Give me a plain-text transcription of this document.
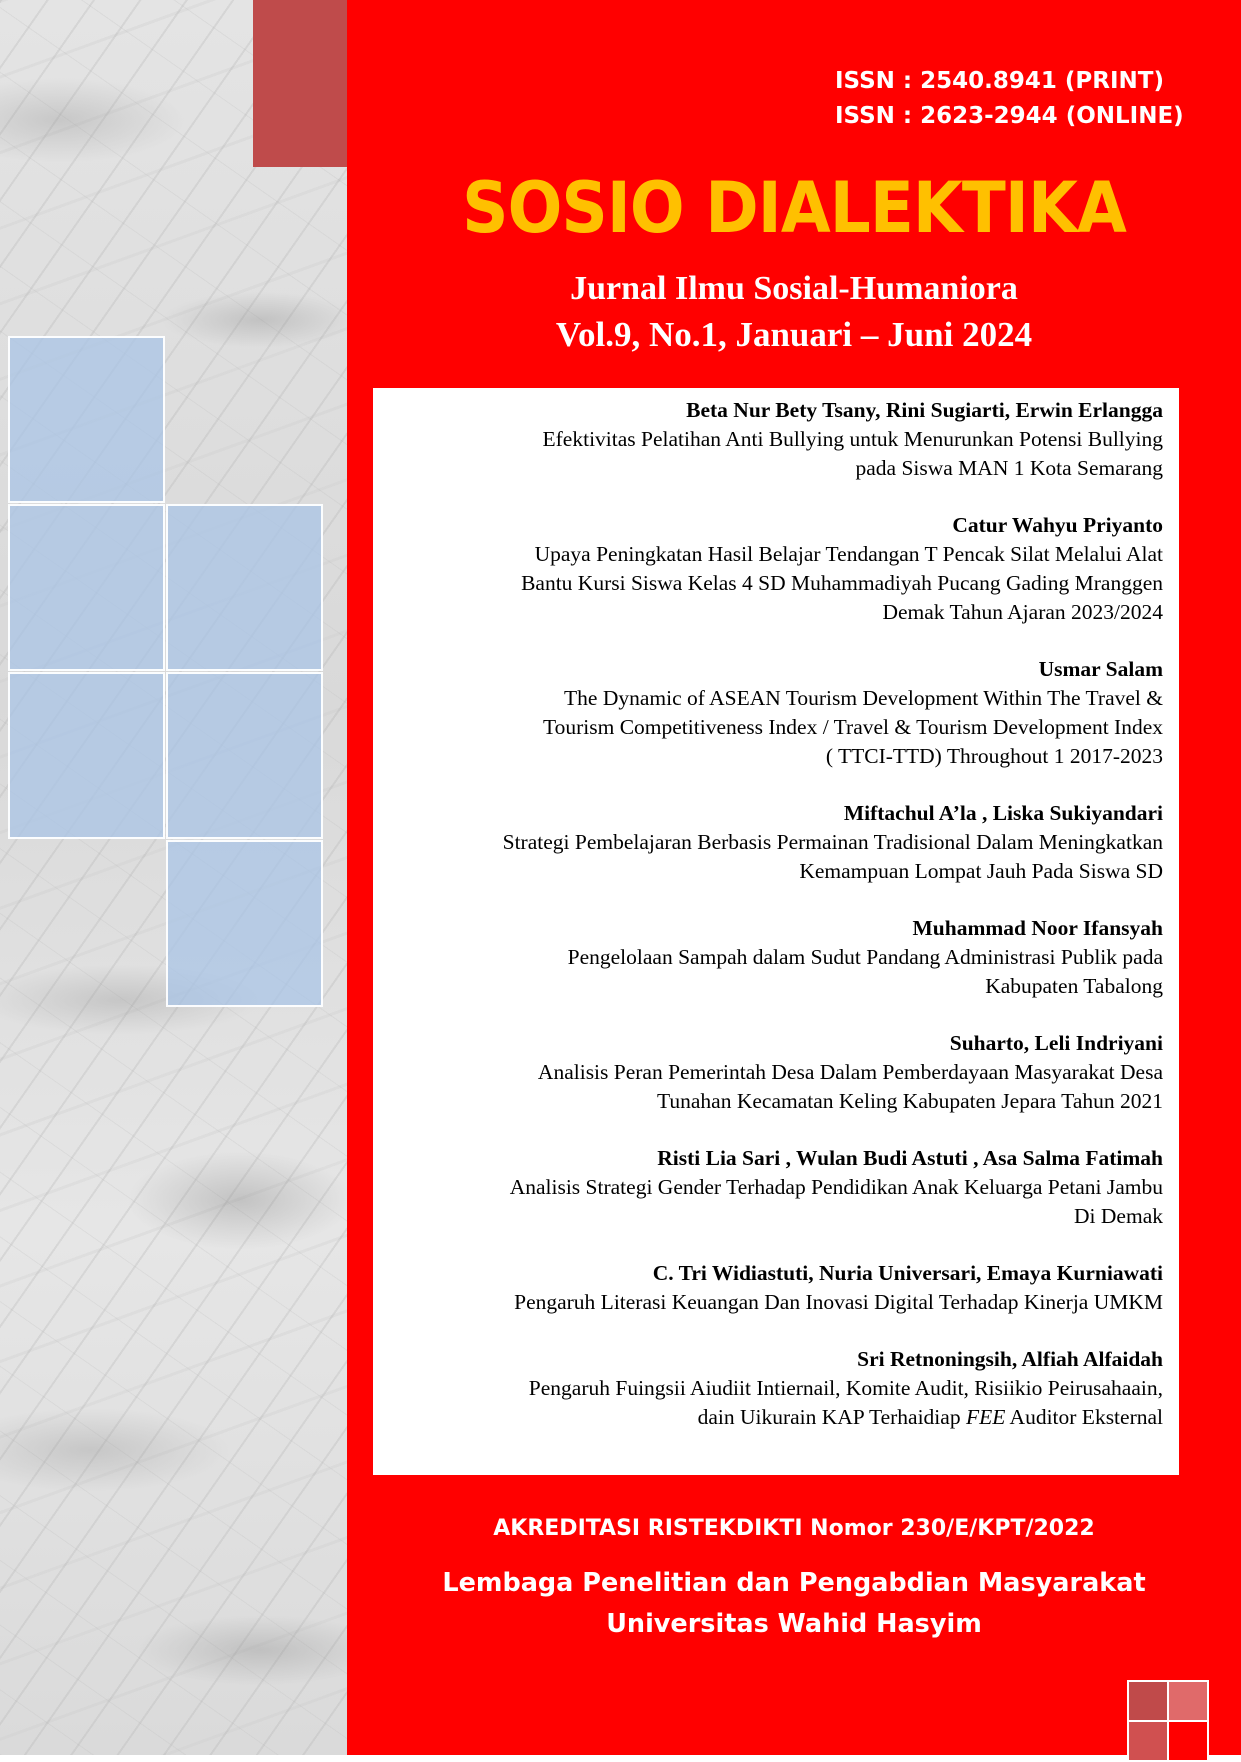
ISSN : 2540.8941 (PRINT)
ISSN : 2623-2944 (ONLINE)
SOSIO DIALEKTIKA
Jurnal Ilmu Sosial-Humaniora
Vol.9, No.1, Januari – Juni 2024
Beta Nur Bety Tsany, Rini Sugiarti, Erwin Erlangga
Efektivitas Pelatihan Anti Bullying untuk Menurunkan Potensi Bullying
pada Siswa MAN 1 Kota Semarang
Catur Wahyu Priyanto
Upaya Peningkatan Hasil Belajar Tendangan T Pencak Silat Melalui Alat
Bantu Kursi Siswa Kelas 4 SD Muhammadiyah Pucang Gading Mranggen
Demak Tahun Ajaran 2023/2024
Usmar Salam
The Dynamic of ASEAN Tourism Development Within The Travel &
Tourism Competitiveness Index / Travel & Tourism Development Index
( TTCI-TTD) Throughout 1 2017-2023
Miftachul A’la , Liska Sukiyandari
Strategi Pembelajaran Berbasis Permainan Tradisional Dalam Meningkatkan
Kemampuan Lompat Jauh Pada Siswa SD
Muhammad Noor Ifansyah
Pengelolaan Sampah dalam Sudut Pandang Administrasi Publik pada
Kabupaten Tabalong
Suharto, Leli Indriyani
Analisis Peran Pemerintah Desa Dalam Pemberdayaan Masyarakat Desa
Tunahan Kecamatan Keling Kabupaten Jepara Tahun 2021
Risti Lia Sari , Wulan Budi Astuti , Asa Salma Fatimah
Analisis Strategi Gender Terhadap Pendidikan Anak Keluarga Petani Jambu
Di Demak
C. Tri Widiastuti, Nuria Universari, Emaya Kurniawati
Pengaruh Literasi Keuangan Dan Inovasi Digital Terhadap Kinerja UMKM
Sri Retnoningsih, Alfiah Alfaidah
Pengaruh Fuingsii Aiudiit Intiernail, Komite Audit, Risiikio Peirusahaain,
dain Uikurain KAP Terhaidiap FEE Auditor Eksternal
AKREDITASI RISTEKDIKTI Nomor 230/E/KPT/2022
Lembaga Penelitian dan Pengabdian Masyarakat
Universitas Wahid Hasyim
